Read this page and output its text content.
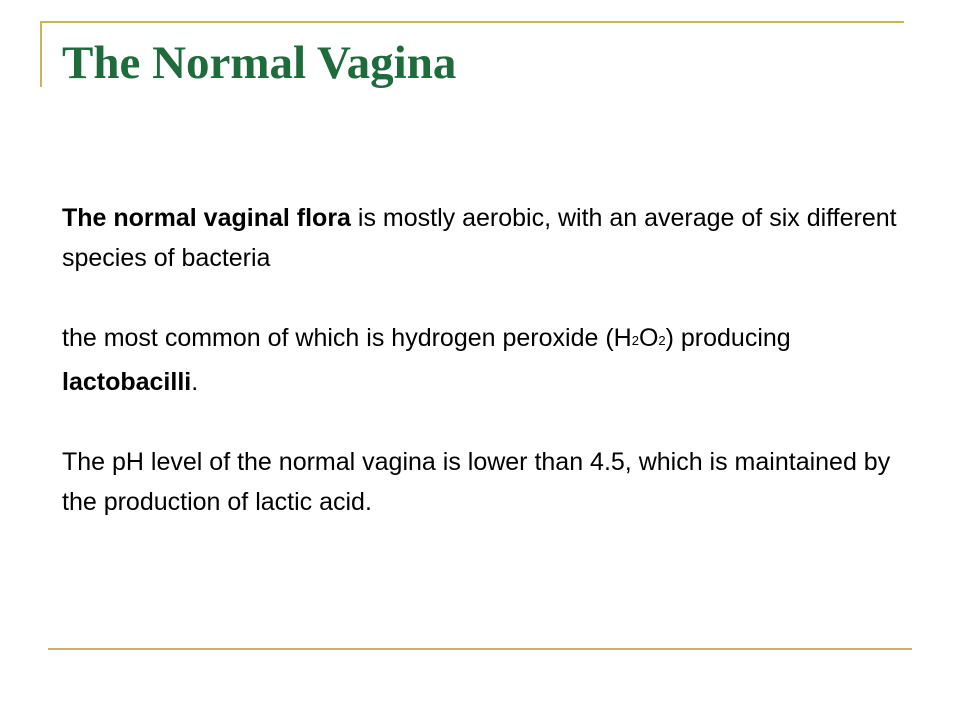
The Normal Vagina

The normal vaginal flora is mostly aerobic, with an average of six different species of bacteria

the most common of which is hydrogen peroxide (H2O2) producing lactobacilli.

The pH level of the normal vagina is lower than 4.5, which is maintained by the production of lactic acid.
